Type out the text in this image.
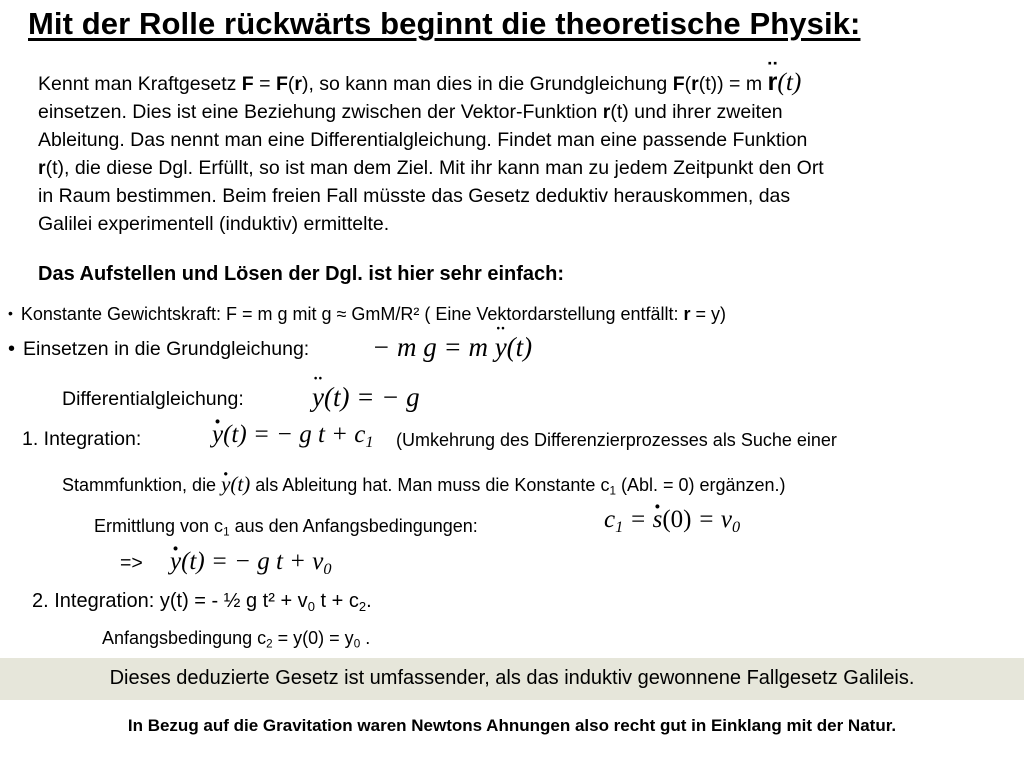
Mit der Rolle rückwärts beginnt die theoretische Physik:
Kennt man Kraftgesetz F = F(r), so kann man dies in die Grundgleichung F(r(t)) = m ¨ r(t)
einsetzen. Dies ist eine Beziehung zwischen der Vektor-Funktion r(t) und ihrer zweiten
Ableitung. Das nennt man eine Differentialgleichung. Findet man eine passende Funktion
r(t), die diese Dgl. Erfüllt, so ist man dem Ziel. Mit ihr kann man zu jedem Zeitpunkt den Ort
in Raum bestimmen. Beim freien Fall müsste das Gesetz deduktiv herauskommen, das
Galilei experimentell (induktiv) ermittelte.
Das Aufstellen und Lösen der Dgl. ist hier sehr einfach:
• Konstante Gewichtskraft: F = m g mit g ≈ GmM/R² ( Eine Vektordarstellung entfällt: r = y)
• Einsetzen in die Grundgleichung: − m g = m ¨ y(t)
Differentialgleichung:	¨ y(t) = − g
1. Integration:	· y(t) = − g $t + c_1$ (Umkehrung des Differenzierprozesses als Suche einer
Stammfunktion, die · y(t) als Ableitung hat. Man muss die Konstante $c_1$ (Abl. = 0) ergänzen.)
Ermittlung von $c_1$ aus den Anfangsbedingungen:	$c_1$ = · $s(0) = v_0$
=> · y(t) = − g $t + v_0$
2. Integration: y(t) = - ½ g $t^2 + v_0$ $t + c_2$.
Anfangsbedingung $c_2 = y(0) = y_0$ .
Dieses deduzierte Gesetz ist umfassender, als das induktiv gewonnene Fallgesetz Galileis.
In Bezug auf die Gravitation waren Newtons Ahnungen also recht gut in Einklang mit der Natur.
